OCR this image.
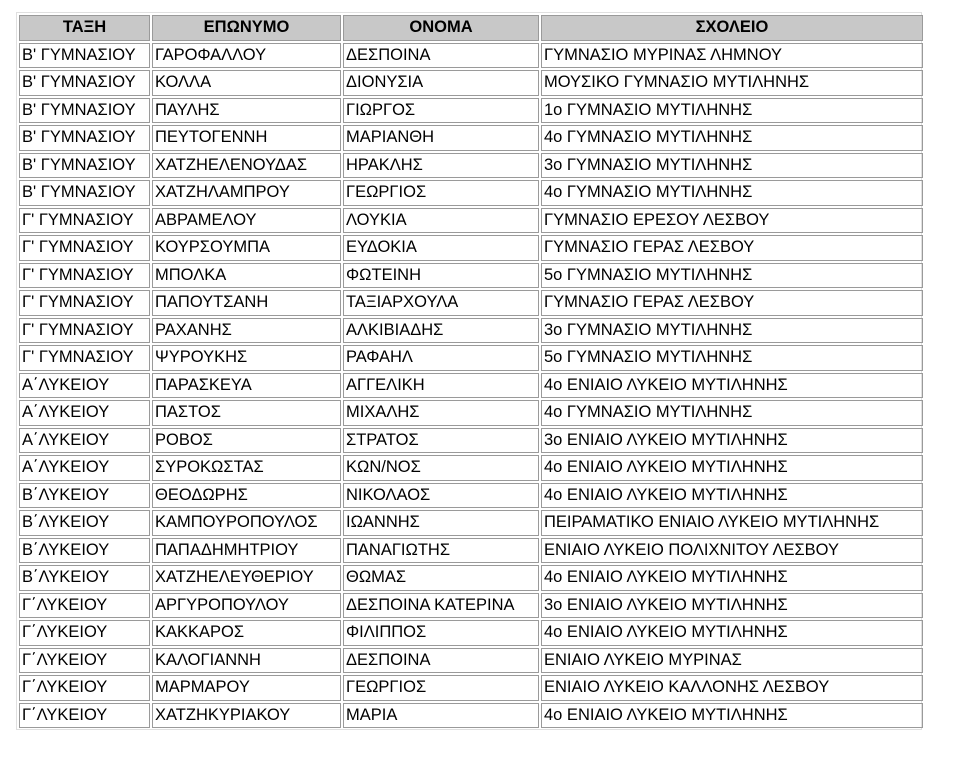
ΤΑΞΗ	ΕΠΩΝΥΜΟ	ΟΝΟΜΑ	ΣΧΟΛΕΙΟ
Β' ΓΥΜΝΑΣΙΟΥ	ΓΑΡΟΦΑΛΛΟΥ	ΔΕΣΠΟΙΝΑ	ΓΥΜΝΑΣΙΟ ΜΥΡΙΝΑΣ ΛΗΜΝΟΥ
Β' ΓΥΜΝΑΣΙΟΥ	ΚΟΛΛΑ	ΔΙΟΝΥΣΙΑ	ΜΟΥΣΙΚΟ ΓΥΜΝΑΣΙΟ ΜΥΤΙΛΗΝΗΣ
Β' ΓΥΜΝΑΣΙΟΥ	ΠΑΥΛΗΣ	ΓΙΩΡΓΟΣ	1ο ΓΥΜΝΑΣΙΟ ΜΥΤΙΛΗΝΗΣ
Β' ΓΥΜΝΑΣΙΟΥ	ΠΕΥΤΟΓΕΝΝΗ	ΜΑΡΙΑΝΘΗ	4ο ΓΥΜΝΑΣΙΟ ΜΥΤΙΛΗΝΗΣ
Β' ΓΥΜΝΑΣΙΟΥ	ΧΑΤΖΗΕΛΕΝΟΥΔΑΣ	ΗΡΑΚΛΗΣ	3ο ΓΥΜΝΑΣΙΟ ΜΥΤΙΛΗΝΗΣ
Β' ΓΥΜΝΑΣΙΟΥ	ΧΑΤΖΗΛΑΜΠΡΟΥ	ΓΕΩΡΓΙΟΣ	4ο ΓΥΜΝΑΣΙΟ ΜΥΤΙΛΗΝΗΣ
Γ' ΓΥΜΝΑΣΙΟΥ	ΑΒΡΑΜΕΛΟΥ	ΛΟΥΚΙΑ	ΓΥΜΝΑΣΙΟ ΕΡΕΣΟΥ ΛΕΣΒΟΥ
Γ' ΓΥΜΝΑΣΙΟΥ	ΚΟΥΡΣΟΥΜΠΑ	ΕΥΔΟΚΙΑ	ΓΥΜΝΑΣΙΟ ΓΕΡΑΣ ΛΕΣΒΟΥ
Γ' ΓΥΜΝΑΣΙΟΥ	ΜΠΟΛΚΑ	ΦΩΤΕΙΝΗ	5ο ΓΥΜΝΑΣΙΟ ΜΥΤΙΛΗΝΗΣ
Γ' ΓΥΜΝΑΣΙΟΥ	ΠΑΠΟΥΤΣΑΝΗ	ΤΑΞΙΑΡΧΟΥΛΑ	ΓΥΜΝΑΣΙΟ ΓΕΡΑΣ ΛΕΣΒΟΥ
Γ' ΓΥΜΝΑΣΙΟΥ	ΡΑΧΑΝΗΣ	ΑΛΚΙΒΙΑΔΗΣ	3ο ΓΥΜΝΑΣΙΟ ΜΥΤΙΛΗΝΗΣ
Γ' ΓΥΜΝΑΣΙΟΥ	ΨΥΡΟΥΚΗΣ	ΡΑΦΑΗΛ	5ο ΓΥΜΝΑΣΙΟ ΜΥΤΙΛΗΝΗΣ
Α΄ΛΥΚΕΙΟΥ	ΠΑΡΑΣΚΕΥΑ	ΑΓΓΕΛΙΚΗ	4ο ΕΝΙΑΙΟ ΛΥΚΕΙΟ ΜΥΤΙΛΗΝΗΣ
Α΄ΛΥΚΕΙΟΥ	ΠΑΣΤΟΣ	ΜΙΧΑΛΗΣ	4ο ΓΥΜΝΑΣΙΟ ΜΥΤΙΛΗΝΗΣ
Α΄ΛΥΚΕΙΟΥ	ΡΟΒΟΣ	ΣΤΡΑΤΟΣ	3ο ΕΝΙΑΙΟ ΛΥΚΕΙΟ ΜΥΤΙΛΗΝΗΣ
Α΄ΛΥΚΕΙΟΥ	ΣΥΡΟΚΩΣΤΑΣ	ΚΩΝ/ΝΟΣ	4ο ΕΝΙΑΙΟ ΛΥΚΕΙΟ ΜΥΤΙΛΗΝΗΣ
Β΄ΛΥΚΕΙΟΥ	ΘΕΟΔΩΡΗΣ	ΝΙΚΟΛΑΟΣ	4ο ΕΝΙΑΙΟ ΛΥΚΕΙΟ ΜΥΤΙΛΗΝΗΣ
Β΄ΛΥΚΕΙΟΥ	ΚΑΜΠΟΥΡΟΠΟΥΛΟΣ	ΙΩΑΝΝΗΣ	ΠΕΙΡΑΜΑΤΙΚΟ ΕΝΙΑΙΟ ΛΥΚΕΙΟ ΜΥΤΙΛΗΝΗΣ
Β΄ΛΥΚΕΙΟΥ	ΠΑΠΑΔΗΜΗΤΡΙΟΥ	ΠΑΝΑΓΙΩΤΗΣ	ΕΝΙΑΙΟ ΛΥΚΕΙΟ ΠΟΛΙΧΝΙΤΟΥ ΛΕΣΒΟΥ
Β΄ΛΥΚΕΙΟΥ	ΧΑΤΖΗΕΛΕΥΘΕΡΙΟΥ	ΘΩΜΑΣ	4ο ΕΝΙΑΙΟ ΛΥΚΕΙΟ ΜΥΤΙΛΗΝΗΣ
Γ΄ΛΥΚΕΙΟΥ	ΑΡΓΥΡΟΠΟΥΛΟΥ	ΔΕΣΠΟΙΝΑ ΚΑΤΕΡΙΝΑ	3ο ΕΝΙΑΙΟ ΛΥΚΕΙΟ ΜΥΤΙΛΗΝΗΣ
Γ΄ΛΥΚΕΙΟΥ	ΚΑΚΚΑΡΟΣ	ΦΙΛΙΠΠΟΣ	4ο ΕΝΙΑΙΟ ΛΥΚΕΙΟ ΜΥΤΙΛΗΝΗΣ
Γ΄ΛΥΚΕΙΟΥ	ΚΑΛΟΓΙΑΝΝΗ	ΔΕΣΠΟΙΝΑ	ΕΝΙΑΙΟ ΛΥΚΕΙΟ ΜΥΡΙΝΑΣ
Γ΄ΛΥΚΕΙΟΥ	ΜΑΡΜΑΡΟΥ	ΓΕΩΡΓΙΟΣ	ΕΝΙΑΙΟ ΛΥΚΕΙΟ ΚΑΛΛΟΝΗΣ ΛΕΣΒΟΥ
Γ΄ΛΥΚΕΙΟΥ	ΧΑΤΖΗΚΥΡΙΑΚΟΥ	ΜΑΡΙΑ	4ο ΕΝΙΑΙΟ ΛΥΚΕΙΟ ΜΥΤΙΛΗΝΗΣ
